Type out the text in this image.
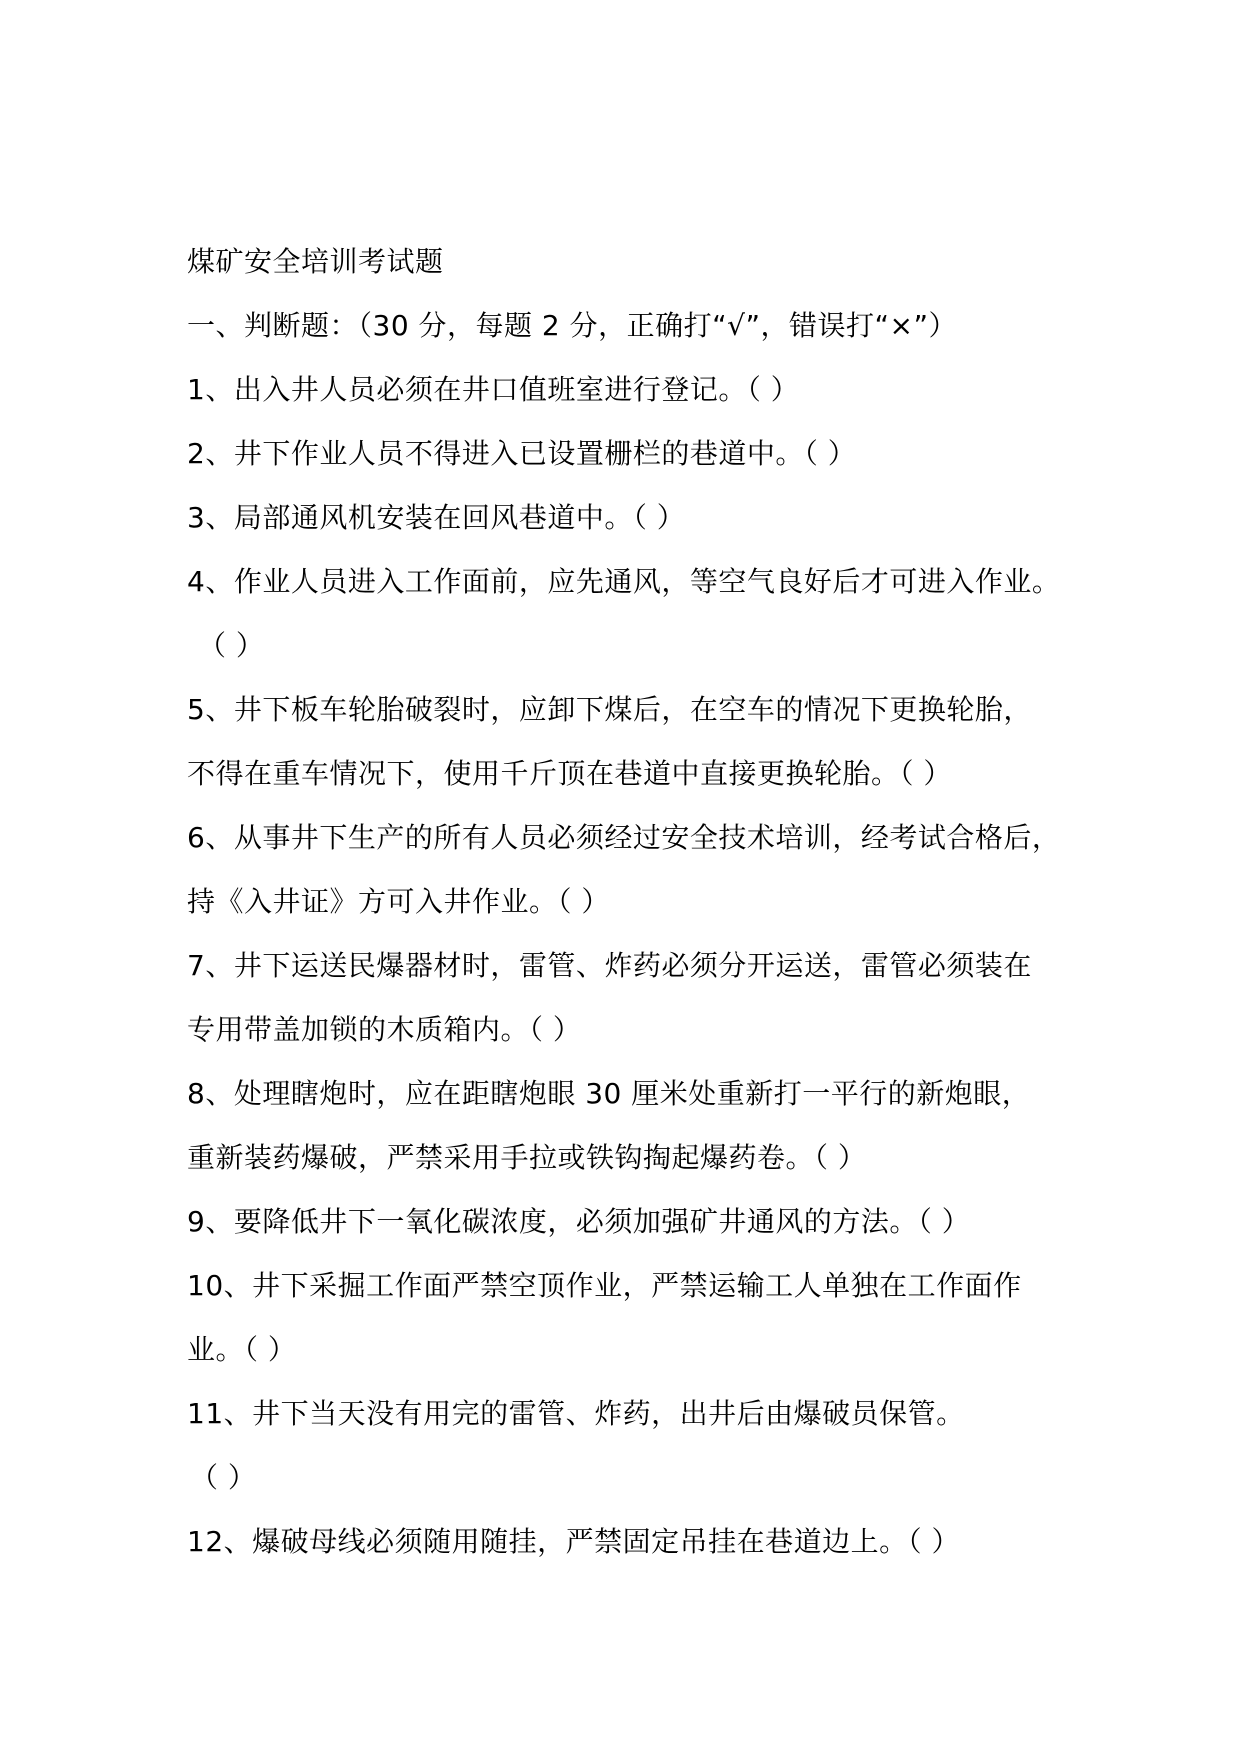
煤矿安全培训考试题
一、判断题：（30 分，每题 2 分，正确打“√”，错误打“×”）
1、出入井人员必须在井口值班室进行登记。（ ）
2、井下作业人员不得进入已设置栅栏的巷道中。（ ）
3、局部通风机安装在回风巷道中。（ ）
4、作业人员进入工作面前，应先通风，等空气良好后才可进入作业。
（ ）
5、井下板车轮胎破裂时，应卸下煤后，在空车的情况下更换轮胎，
不得在重车情况下，使用千斤顶在巷道中直接更换轮胎。（ ）
6、从事井下生产的所有人员必须经过安全技术培训，经考试合格后，
持《入井证》方可入井作业。（ ）
7、井下运送民爆器材时，雷管、炸药必须分开运送，雷管必须装在
专用带盖加锁的木质箱内。（ ）
8、处理瞎炮时，应在距瞎炮眼 30 厘米处重新打一平行的新炮眼，
重新装药爆破，严禁采用手拉或铁钩掏起爆药卷。（ ）
9、要降低井下一氧化碳浓度，必须加强矿井通风的方法。（ ）
10、井下采掘工作面严禁空顶作业，严禁运输工人单独在工作面作
业。（ ）
11、井下当天没有用完的雷管、炸药，出井后由爆破员保管。
（ ）
12、爆破母线必须随用随挂，严禁固定吊挂在巷道边上。（ ）
